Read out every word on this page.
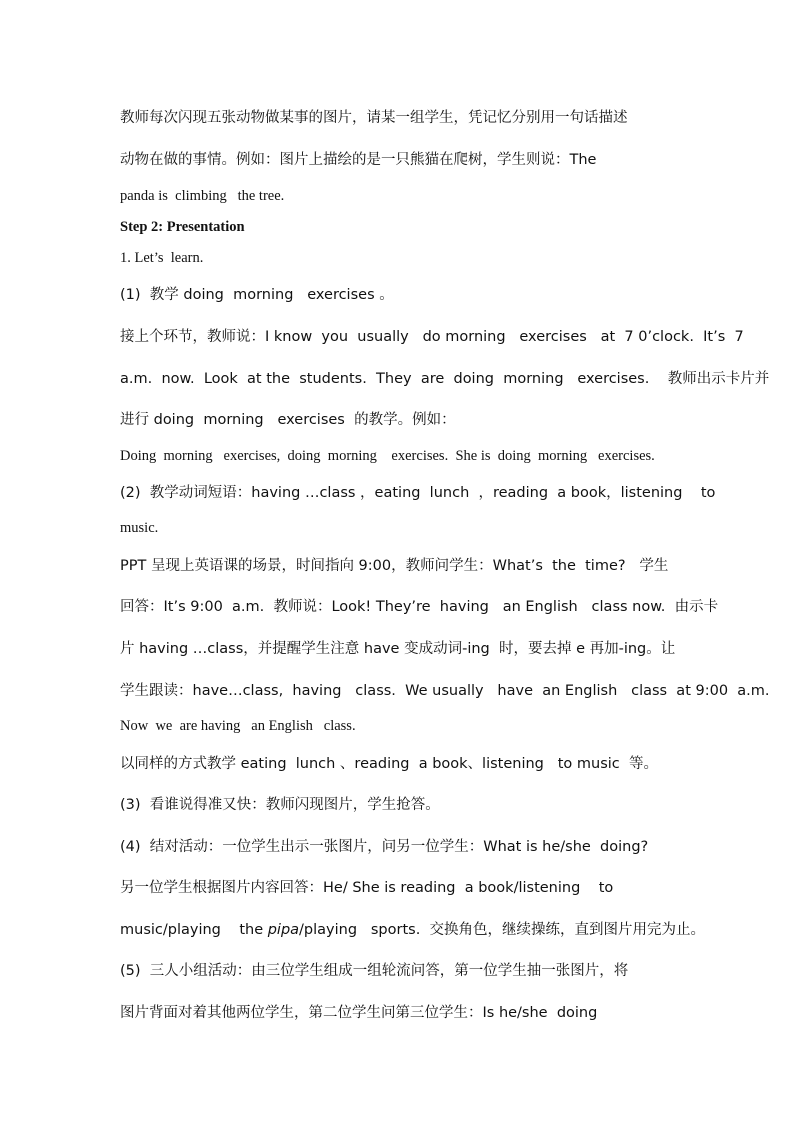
教师每次闪现五张动物做某事的图片，请某一组学生，凭记忆分别用一句话描述

动物在做的事情。例如：图片上描绘的是一只熊猫在爬树，学生则说：The

panda is  climbing   the tree.

Step 2: Presentation

1. Let’s  learn.

(1)  教学 doing  morning   exercises 。

接上个环节，教师说：I know  you  usually   do morning   exercises   at  7 0’clock.  It’s  7

a.m.  now.  Look  at the  students.  They  are  doing  morning   exercises.    教师出示卡片并

进行 doing  morning   exercises  的教学。例如：

Doing  morning   exercises,  doing  morning    exercises.  She is  doing  morning   exercises.

(2)  教学动词短语：having …class ，eating  lunch  ，reading  a book，listening    to

music.

PPT 呈现上英语课的场景，时间指向 9:00，教师问学生：What’s  the  time?   学生

回答：It’s 9:00  a.m.  教师说：Look! They’re  having   an English   class now.  由示卡

片 having …class，并提醒学生注意 have 变成动词-ing  时，要去掉 e 再加-ing。让

学生跟读：have…class,  having   class.  We usually   have  an English   class  at 9:00  a.m.

Now  we  are having   an English   class.

以同样的方式教学 eating  lunch 、reading  a book、listening   to music  等。

(3)  看谁说得准又快：教师闪现图片，学生抢答。

(4)  结对活动：一位学生出示一张图片，问另一位学生：What is he/she  doing?

另一位学生根据图片内容回答：He/ She is reading  a book/listening    to

music/playing    the pipa/playing   sports.  交换角色，继续操练，直到图片用完为止。

(5)  三人小组活动：由三位学生组成一组轮流问答，第一位学生抽一张图片，将

图片背面对着其他两位学生，第二位学生问第三位学生：Is he/she  doing
